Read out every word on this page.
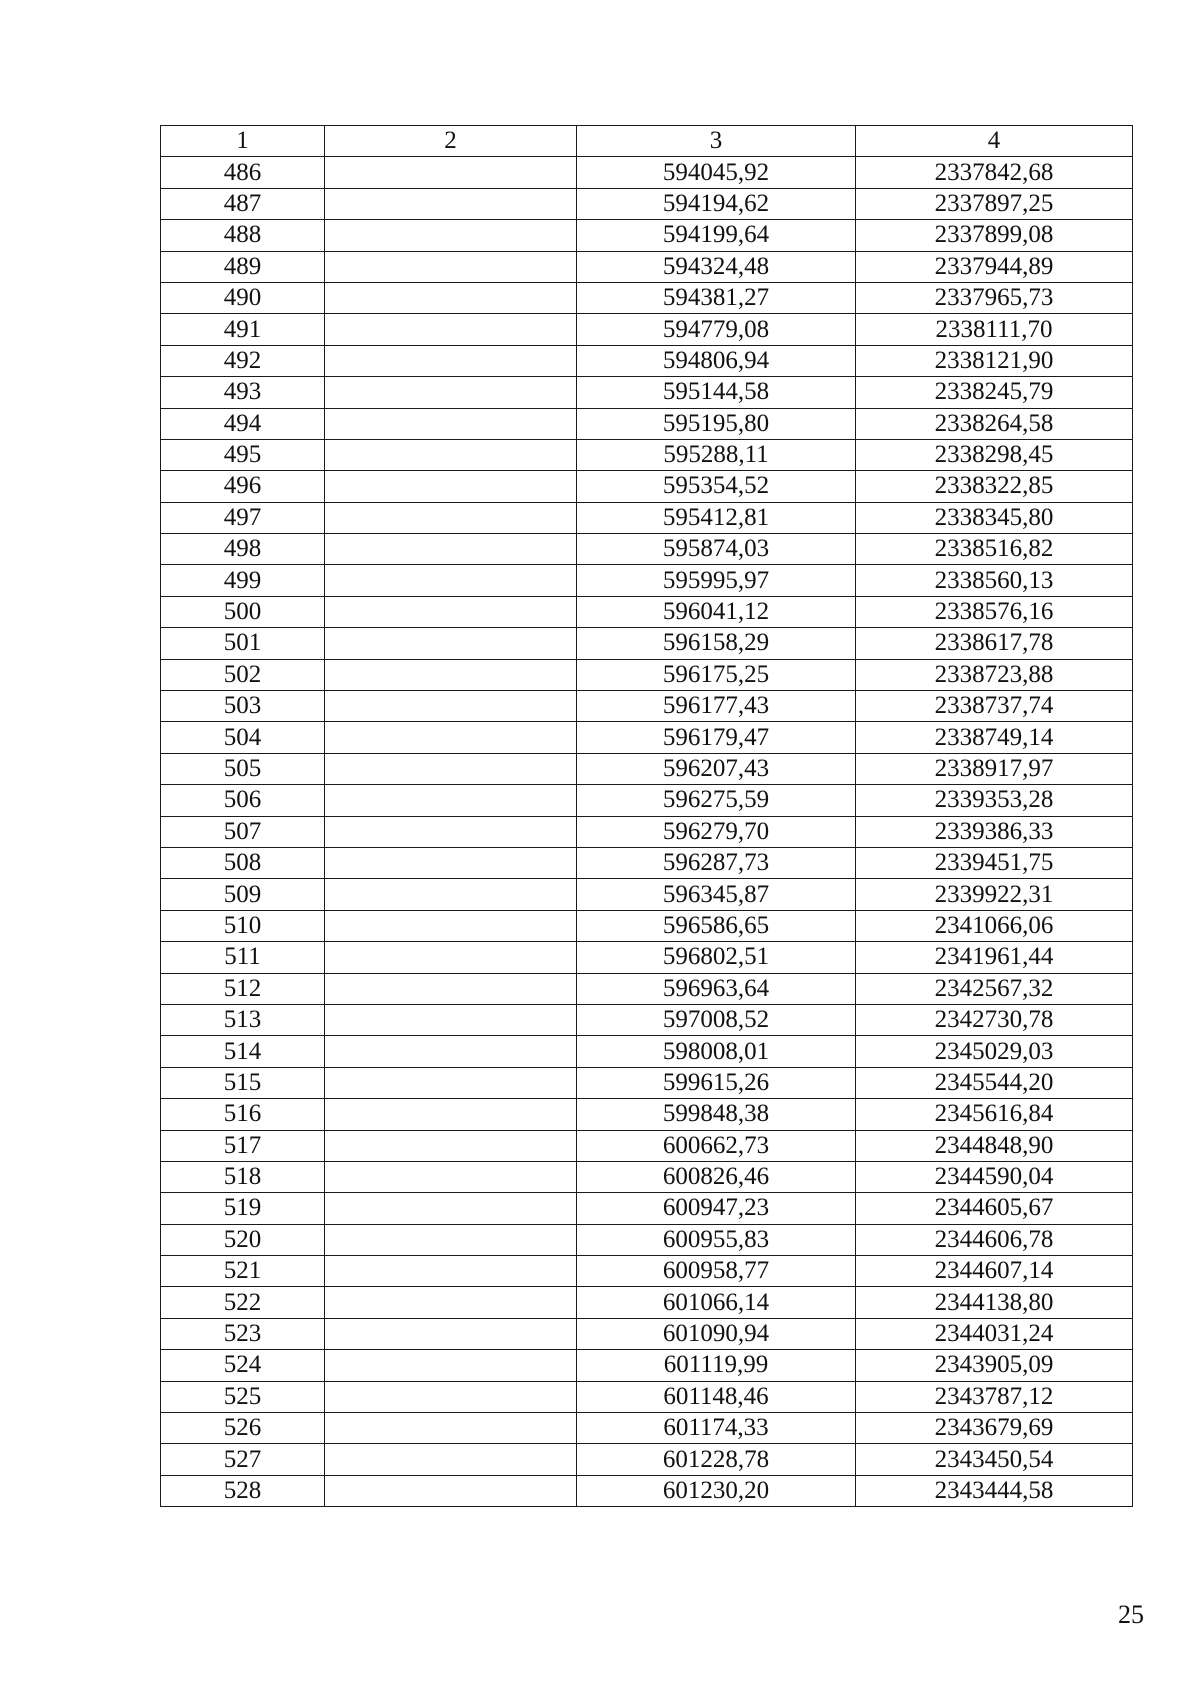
1	2	3	4
486		594045,92	2337842,68
487		594194,62	2337897,25
488		594199,64	2337899,08
489		594324,48	2337944,89
490		594381,27	2337965,73
491		594779,08	2338111,70
492		594806,94	2338121,90
493		595144,58	2338245,79
494		595195,80	2338264,58
495		595288,11	2338298,45
496		595354,52	2338322,85
497		595412,81	2338345,80
498		595874,03	2338516,82
499		595995,97	2338560,13
500		596041,12	2338576,16
501		596158,29	2338617,78
502		596175,25	2338723,88
503		596177,43	2338737,74
504		596179,47	2338749,14
505		596207,43	2338917,97
506		596275,59	2339353,28
507		596279,70	2339386,33
508		596287,73	2339451,75
509		596345,87	2339922,31
510		596586,65	2341066,06
511		596802,51	2341961,44
512		596963,64	2342567,32
513		597008,52	2342730,78
514		598008,01	2345029,03
515		599615,26	2345544,20
516		599848,38	2345616,84
517		600662,73	2344848,90
518		600826,46	2344590,04
519		600947,23	2344605,67
520		600955,83	2344606,78
521		600958,77	2344607,14
522		601066,14	2344138,80
523		601090,94	2344031,24
524		601119,99	2343905,09
525		601148,46	2343787,12
526		601174,33	2343679,69
527		601228,78	2343450,54
528		601230,20	2343444,58
25
